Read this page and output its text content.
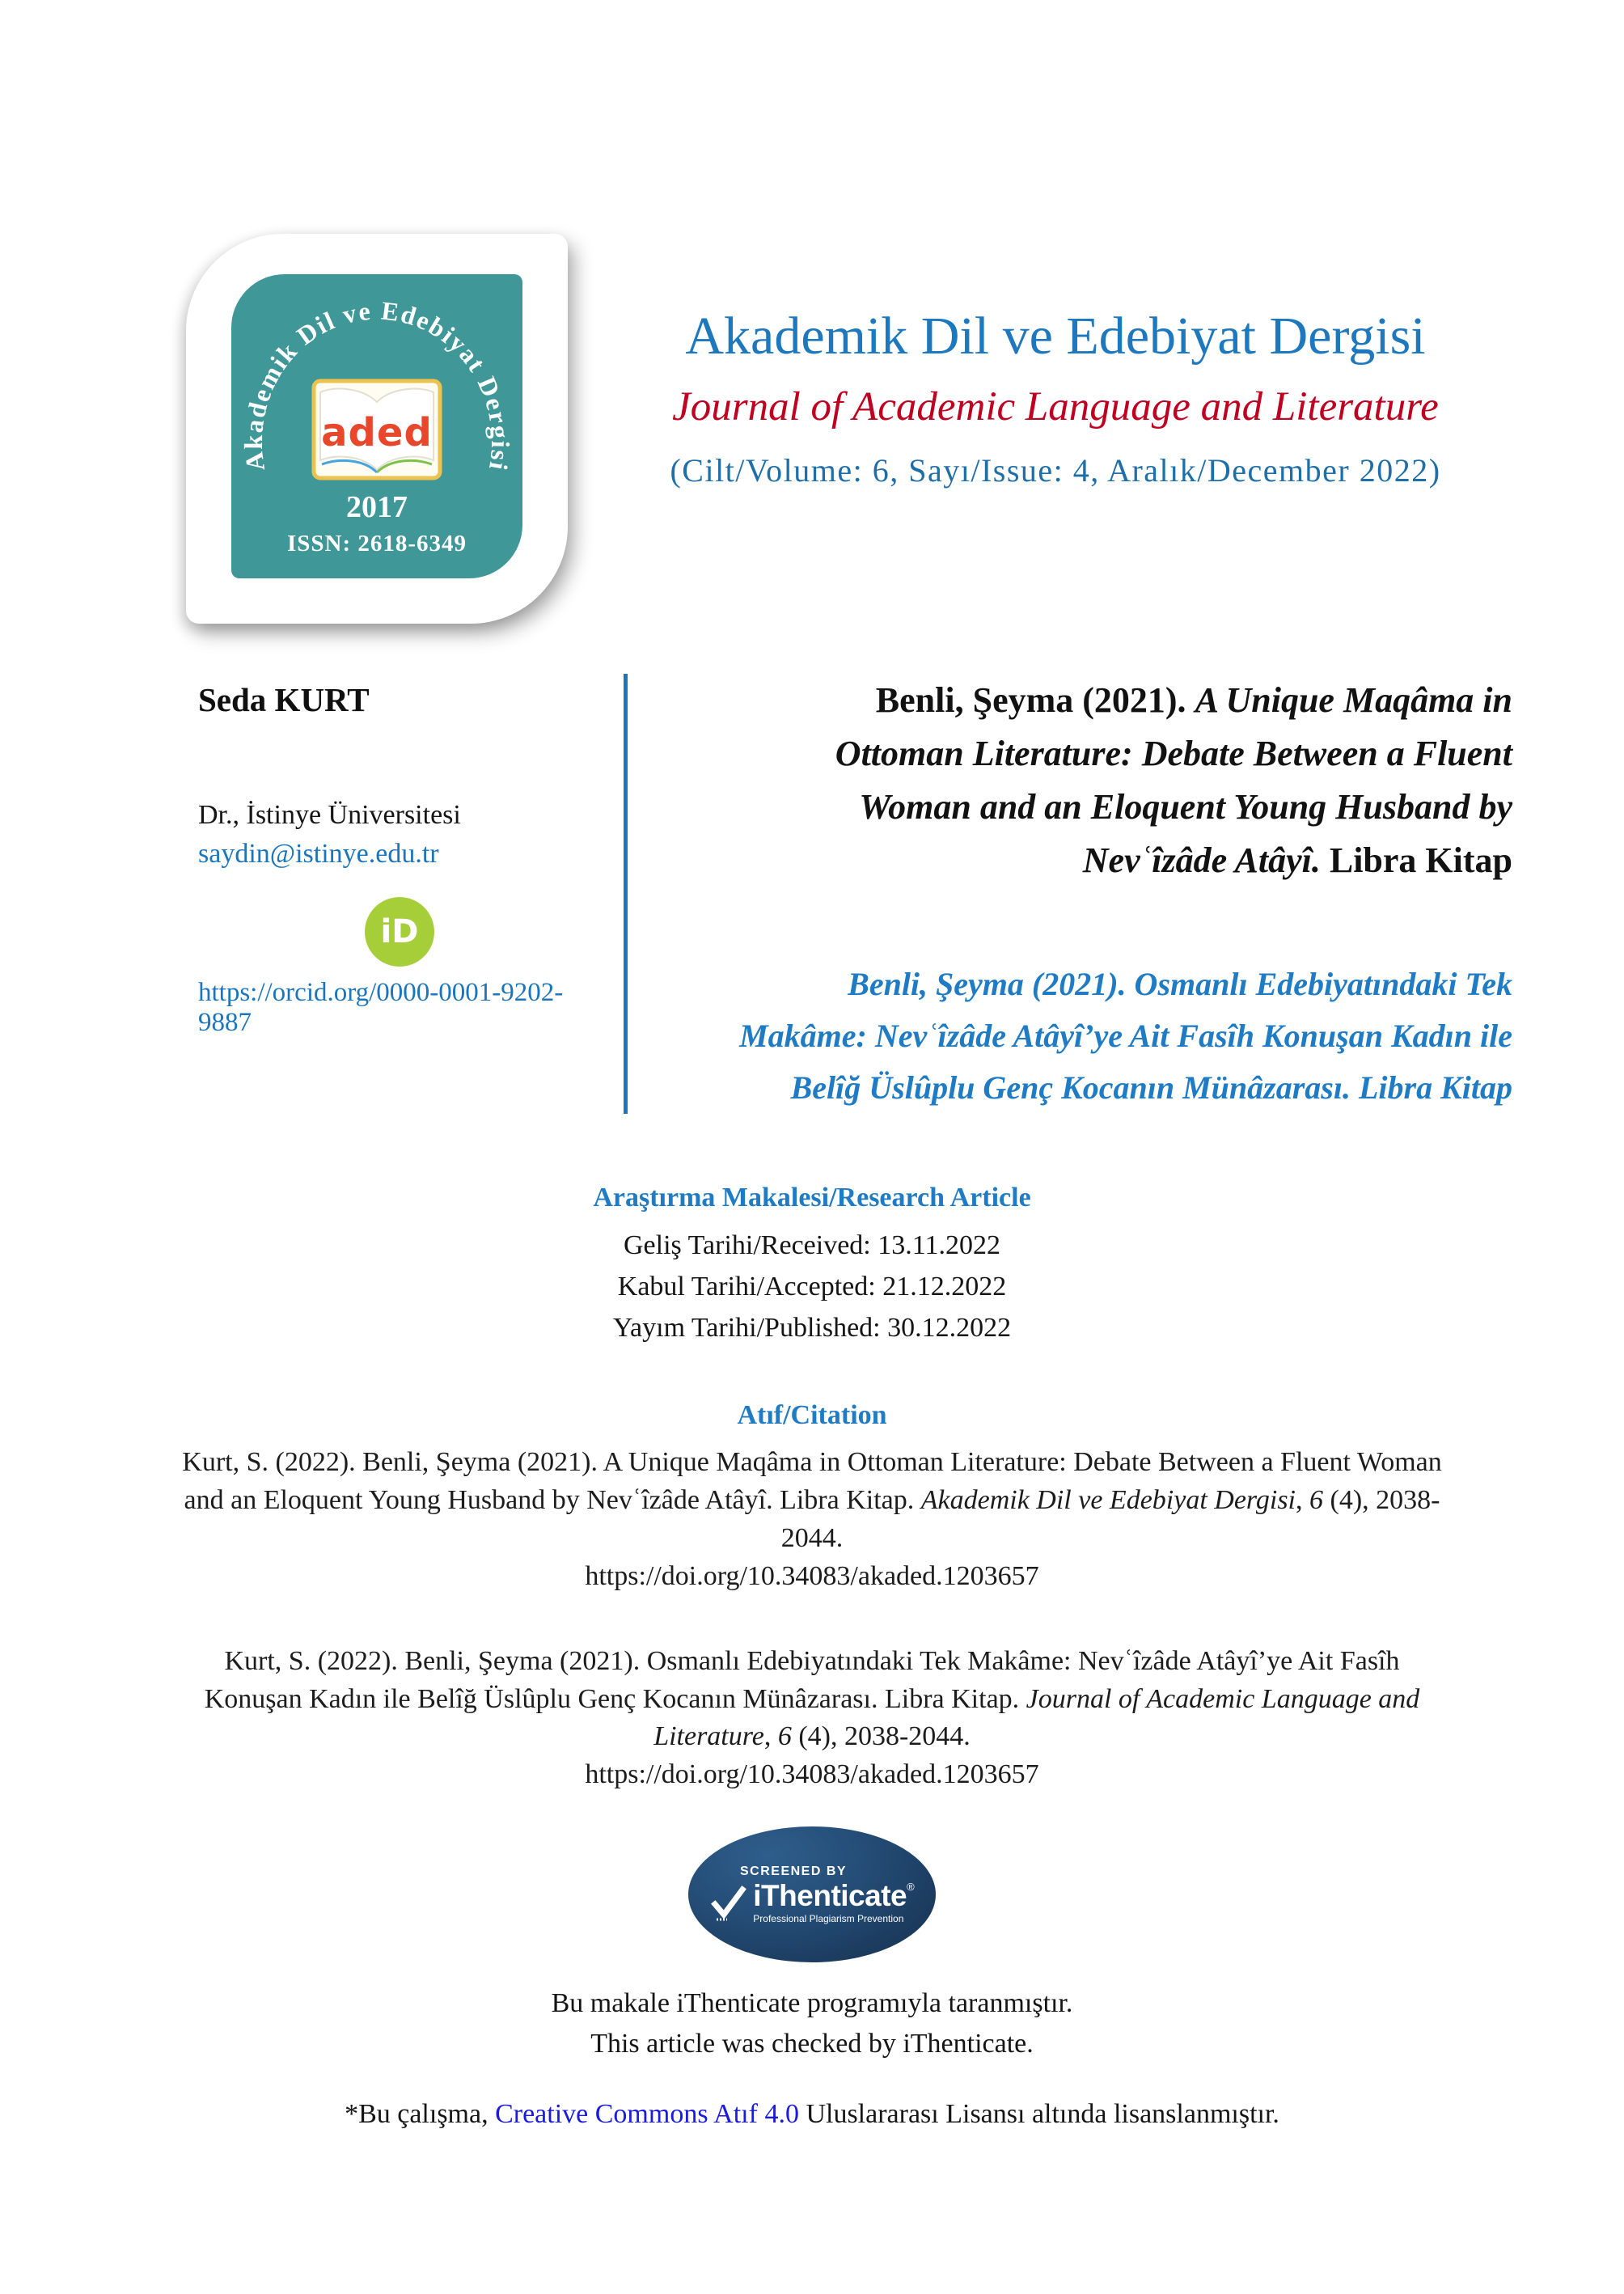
Akademik Dil ve Edebiyat Dergisi
aded
2017
ISSN: 2618-6349
Akademik Dil ve Edebiyat Dergisi
Journal of Academic Language and Literature
(Cilt/Volume: 6, Sayı/Issue: 4, Aralık/December 2022)
Seda KURT
Dr., İstinye Üniversitesi
saydin@istinye.edu.tr
iD
https://orcid.org/0000-0001-9202-9887
Benli, Şeyma (2021). A Unique Maqâma in
Ottoman Literature: Debate Between a Fluent
Woman and an Eloquent Young Husband by
Nevʿîzâde Atâyî. Libra Kitap
Benli, Şeyma (2021). Osmanlı Edebiyatındaki Tek
Makâme: Nevʿîzâde Atâyî’ye Ait Fasîh Konuşan Kadın ile
Belîğ Üslûplu Genç Kocanın Münâzarası. Libra Kitap
Araştırma Makalesi/Research Article
Geliş Tarihi/Received: 13.11.2022
Kabul Tarihi/Accepted: 21.12.2022
Yayım Tarihi/Published: 30.12.2022
Atıf/Citation

Kurt, S. (2022). Benli, Şeyma (2021). A Unique Maqâma in Ottoman Literature: Debate Between a Fluent Woman and an Eloquent Young Husband by Nevʿîzâde Atâyî. Libra Kitap. Akademik Dil ve Edebiyat Dergisi, 6 (4), 2038-2044.
https://doi.org/10.34083/akaded.1203657

Kurt, S. (2022). Benli, Şeyma (2021). Osmanlı Edebiyatındaki Tek Makâme: Nevʿîzâde Atâyî’ye Ait Fasîh Konuşan Kadın ile Belîğ Üslûplu Genç Kocanın Münâzarası. Libra Kitap. Journal of Academic Language and Literature, 6 (4), 2038-2044.
https://doi.org/10.34083/akaded.1203657

SCREENED BY
iThenticate ®
Professional Plagiarism Prevention
Bu makale iThenticate programıyla taranmıştır.
This article was checked by iThenticate.
*Bu çalışma, Creative Commons Atıf 4.0 Uluslararası Lisansı altında lisanslanmıştır.
